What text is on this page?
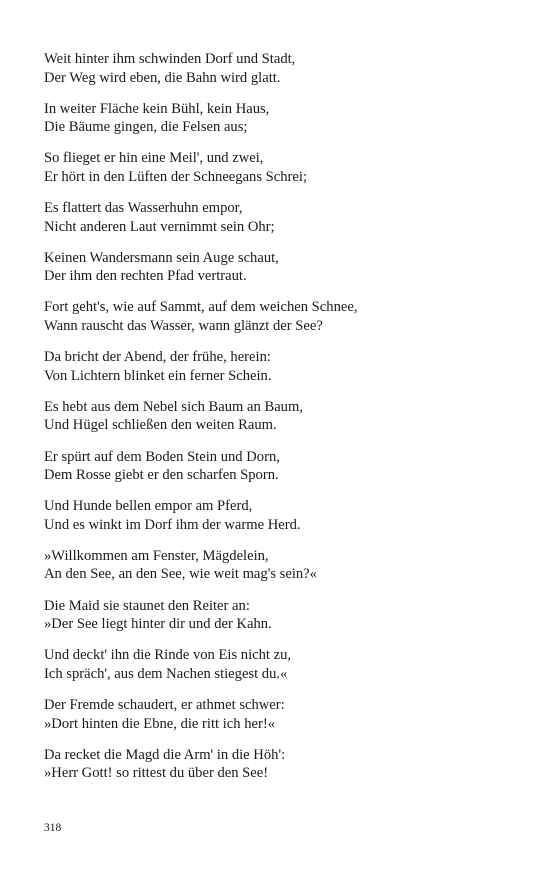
Weit hinter ihm schwinden Dorf und Stadt,
Der Weg wird eben, die Bahn wird glatt.
In weiter Fläche kein Bühl, kein Haus,
Die Bäume gingen, die Felsen aus;
So flieget er hin eine Meil', und zwei,
Er hört in den Lüften der Schneegans Schrei;
Es flattert das Wasserhuhn empor,
Nicht anderen Laut vernimmt sein Ohr;
Keinen Wandersmann sein Auge schaut,
Der ihm den rechten Pfad vertraut.
Fort geht's, wie auf Sammt, auf dem weichen Schnee,
Wann rauscht das Wasser, wann glänzt der See?
Da bricht der Abend, der frühe, herein:
Von Lichtern blinket ein ferner Schein.
Es hebt aus dem Nebel sich Baum an Baum,
Und Hügel schließen den weiten Raum.
Er spürt auf dem Boden Stein und Dorn,
Dem Rosse giebt er den scharfen Sporn.
Und Hunde bellen empor am Pferd,
Und es winkt im Dorf ihm der warme Herd.
»Willkommen am Fenster, Mägdelein,
An den See, an den See, wie weit mag's sein?«
Die Maid sie staunet den Reiter an:
»Der See liegt hinter dir und der Kahn.
Und deckt' ihn die Rinde von Eis nicht zu,
Ich spräch', aus dem Nachen stiegest du.«
Der Fremde schaudert, er athmet schwer:
»Dort hinten die Ebne, die ritt ich her!«
Da recket die Magd die Arm' in die Höh':
»Herr Gott! so rittest du über den See!
318
